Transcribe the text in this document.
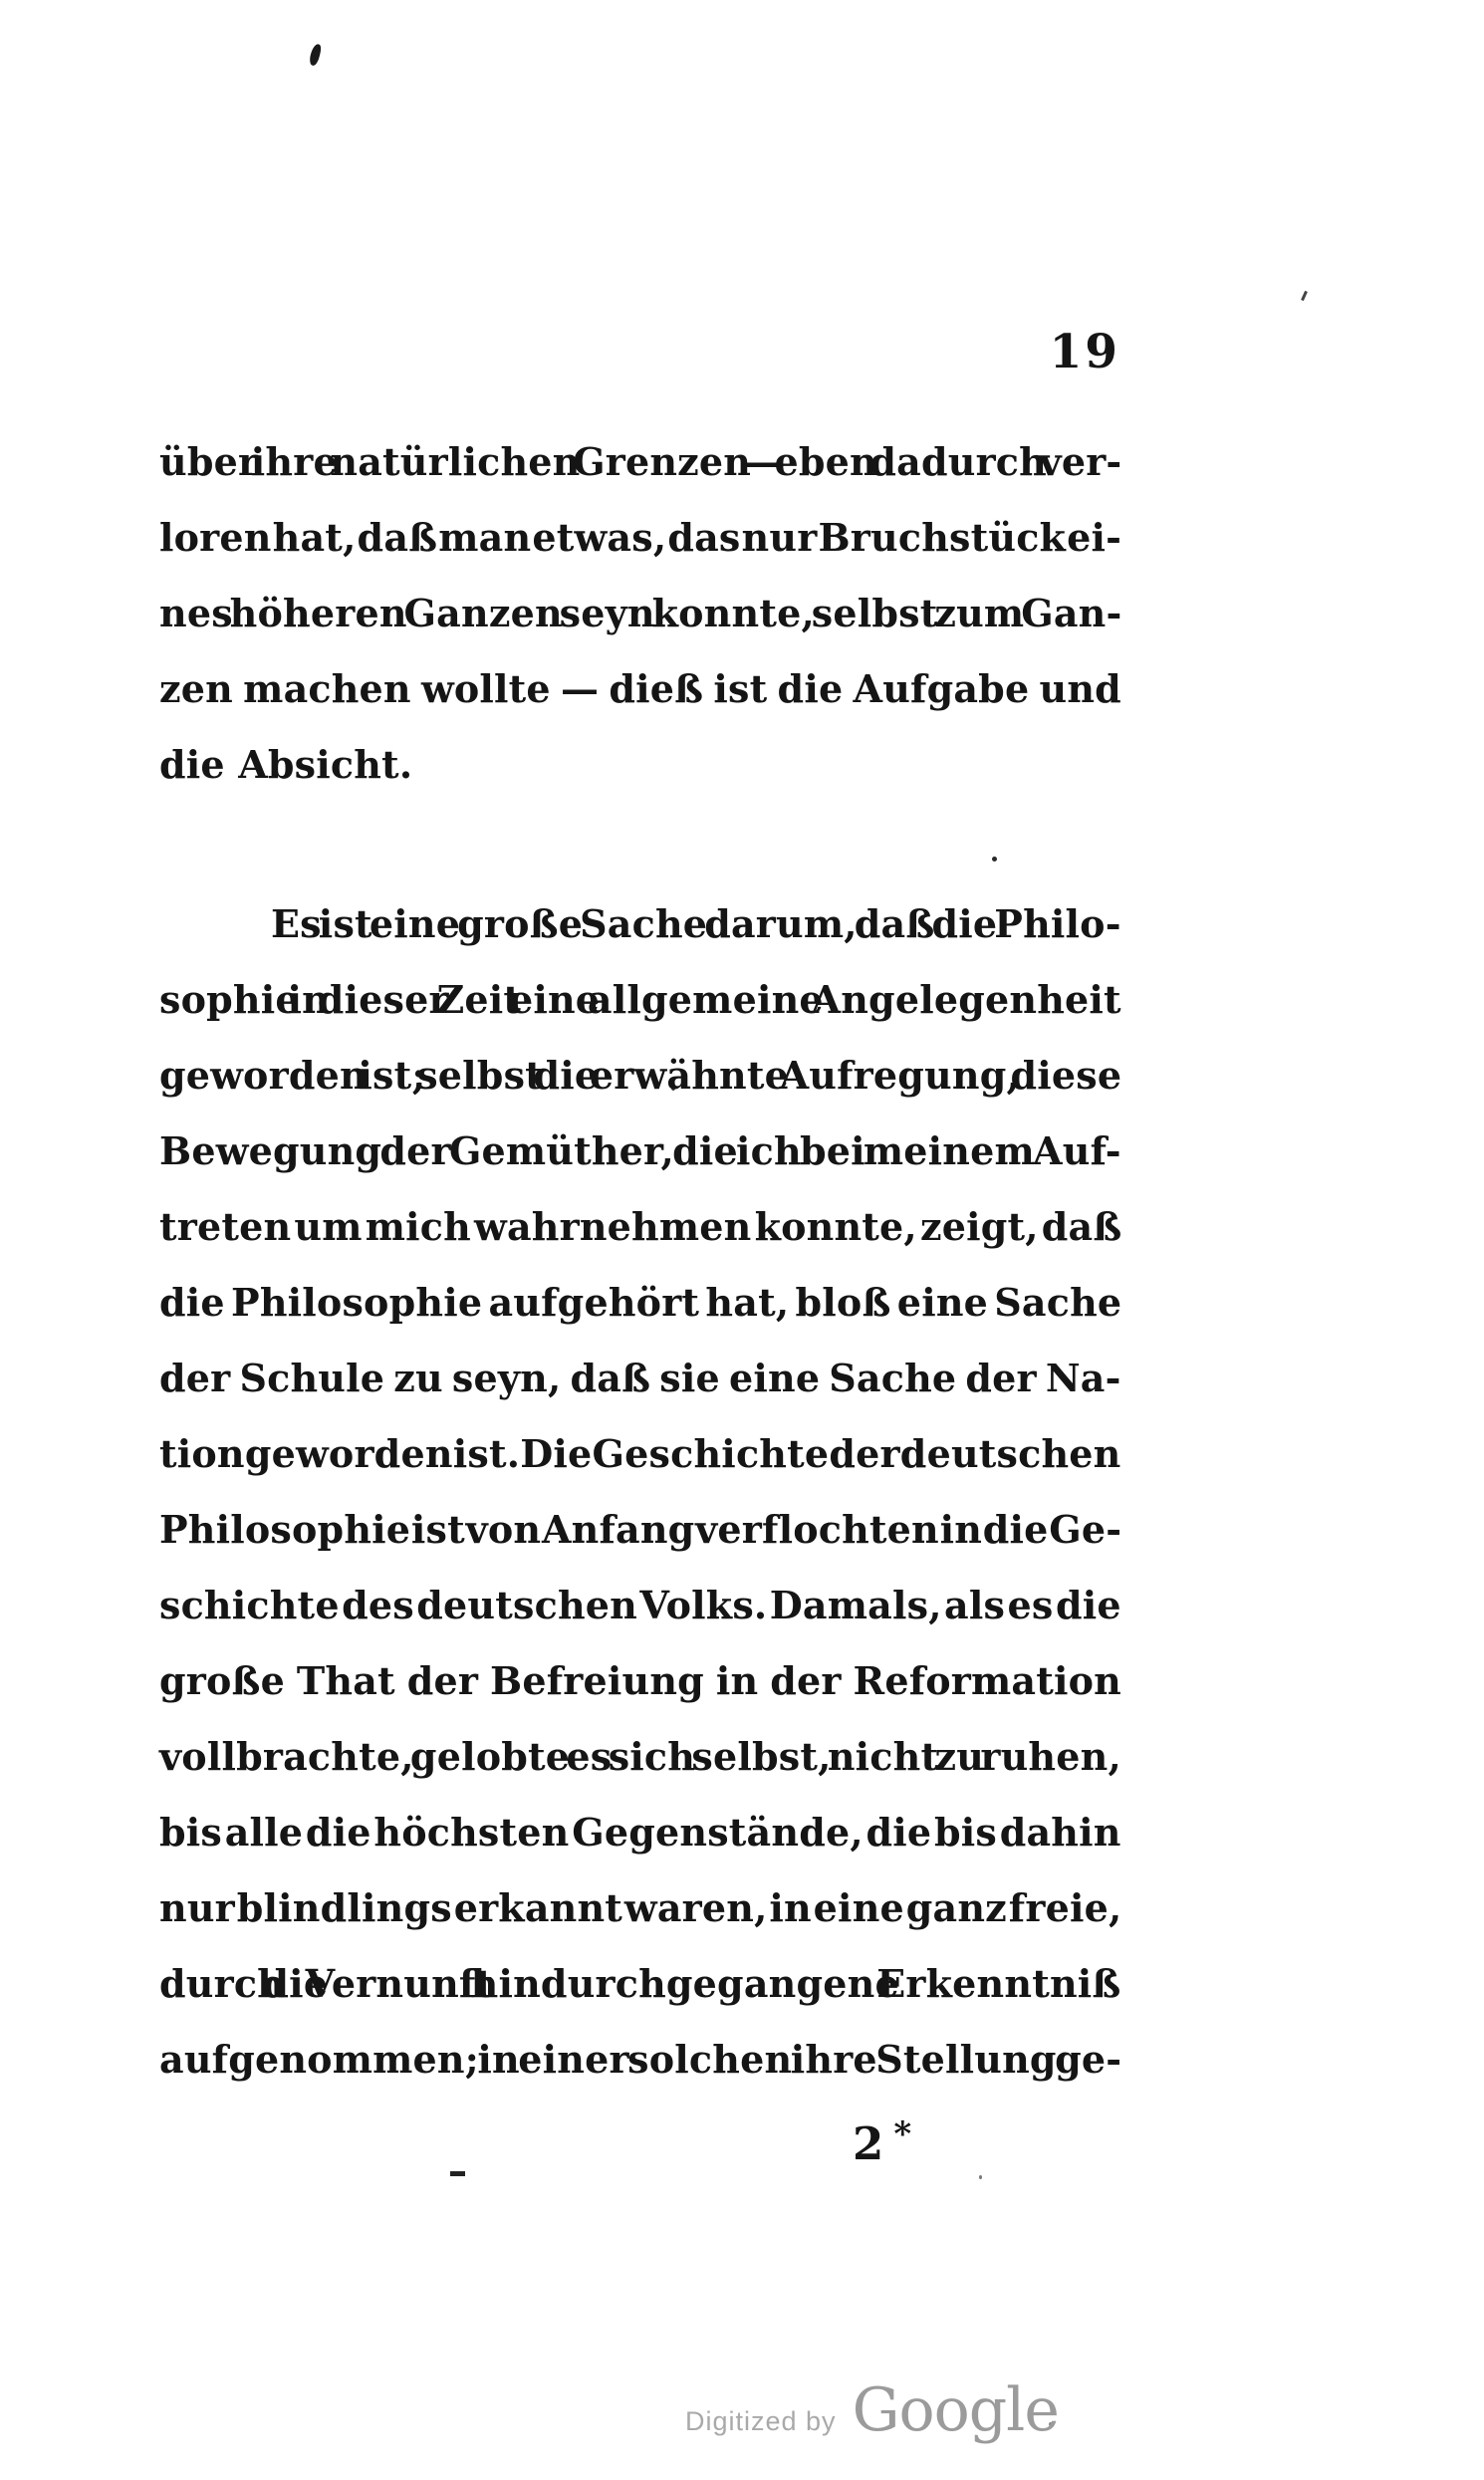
19
über ihre natürlichen Grenzen — eben dadurch ver-
loren hat, daß man etwas, das nur Bruchstück ei-
nes höheren Ganzen seyn konnte, selbst zum Gan-
zen machen wollte — dieß ist die Aufgabe und
die Absicht.
Es ist eine große Sache darum, daß die Philo-
sophie in dieser Zeit eine allgemeine Angelegenheit
geworden ist; selbst die erwähnte Aufregung, diese
Bewegung der Gemüther, die ich bei meinem Auf-
treten um mich wahrnehmen konnte, zeigt, daß
die Philosophie aufgehört hat, bloß eine Sache
der Schule zu seyn, daß sie eine Sache der Na-
tion geworden ist. Die Geschichte der deutschen
Philosophie ist von Anfang verflochten in die Ge-
schichte des deutschen Volks. Damals, als es die
große That der Befreiung in der Reformation
vollbrachte, gelobte es sich selbst, nicht zu ruhen,
bis alle die höchsten Gegenstände, die bis dahin
nur blindlings erkannt waren, in eine ganz freie,
durch die Vernunft hindurchgegangene Erkenntniß
aufgenommen; in einer solchen ihre Stellung ge-
2 *
Digitized by Google
